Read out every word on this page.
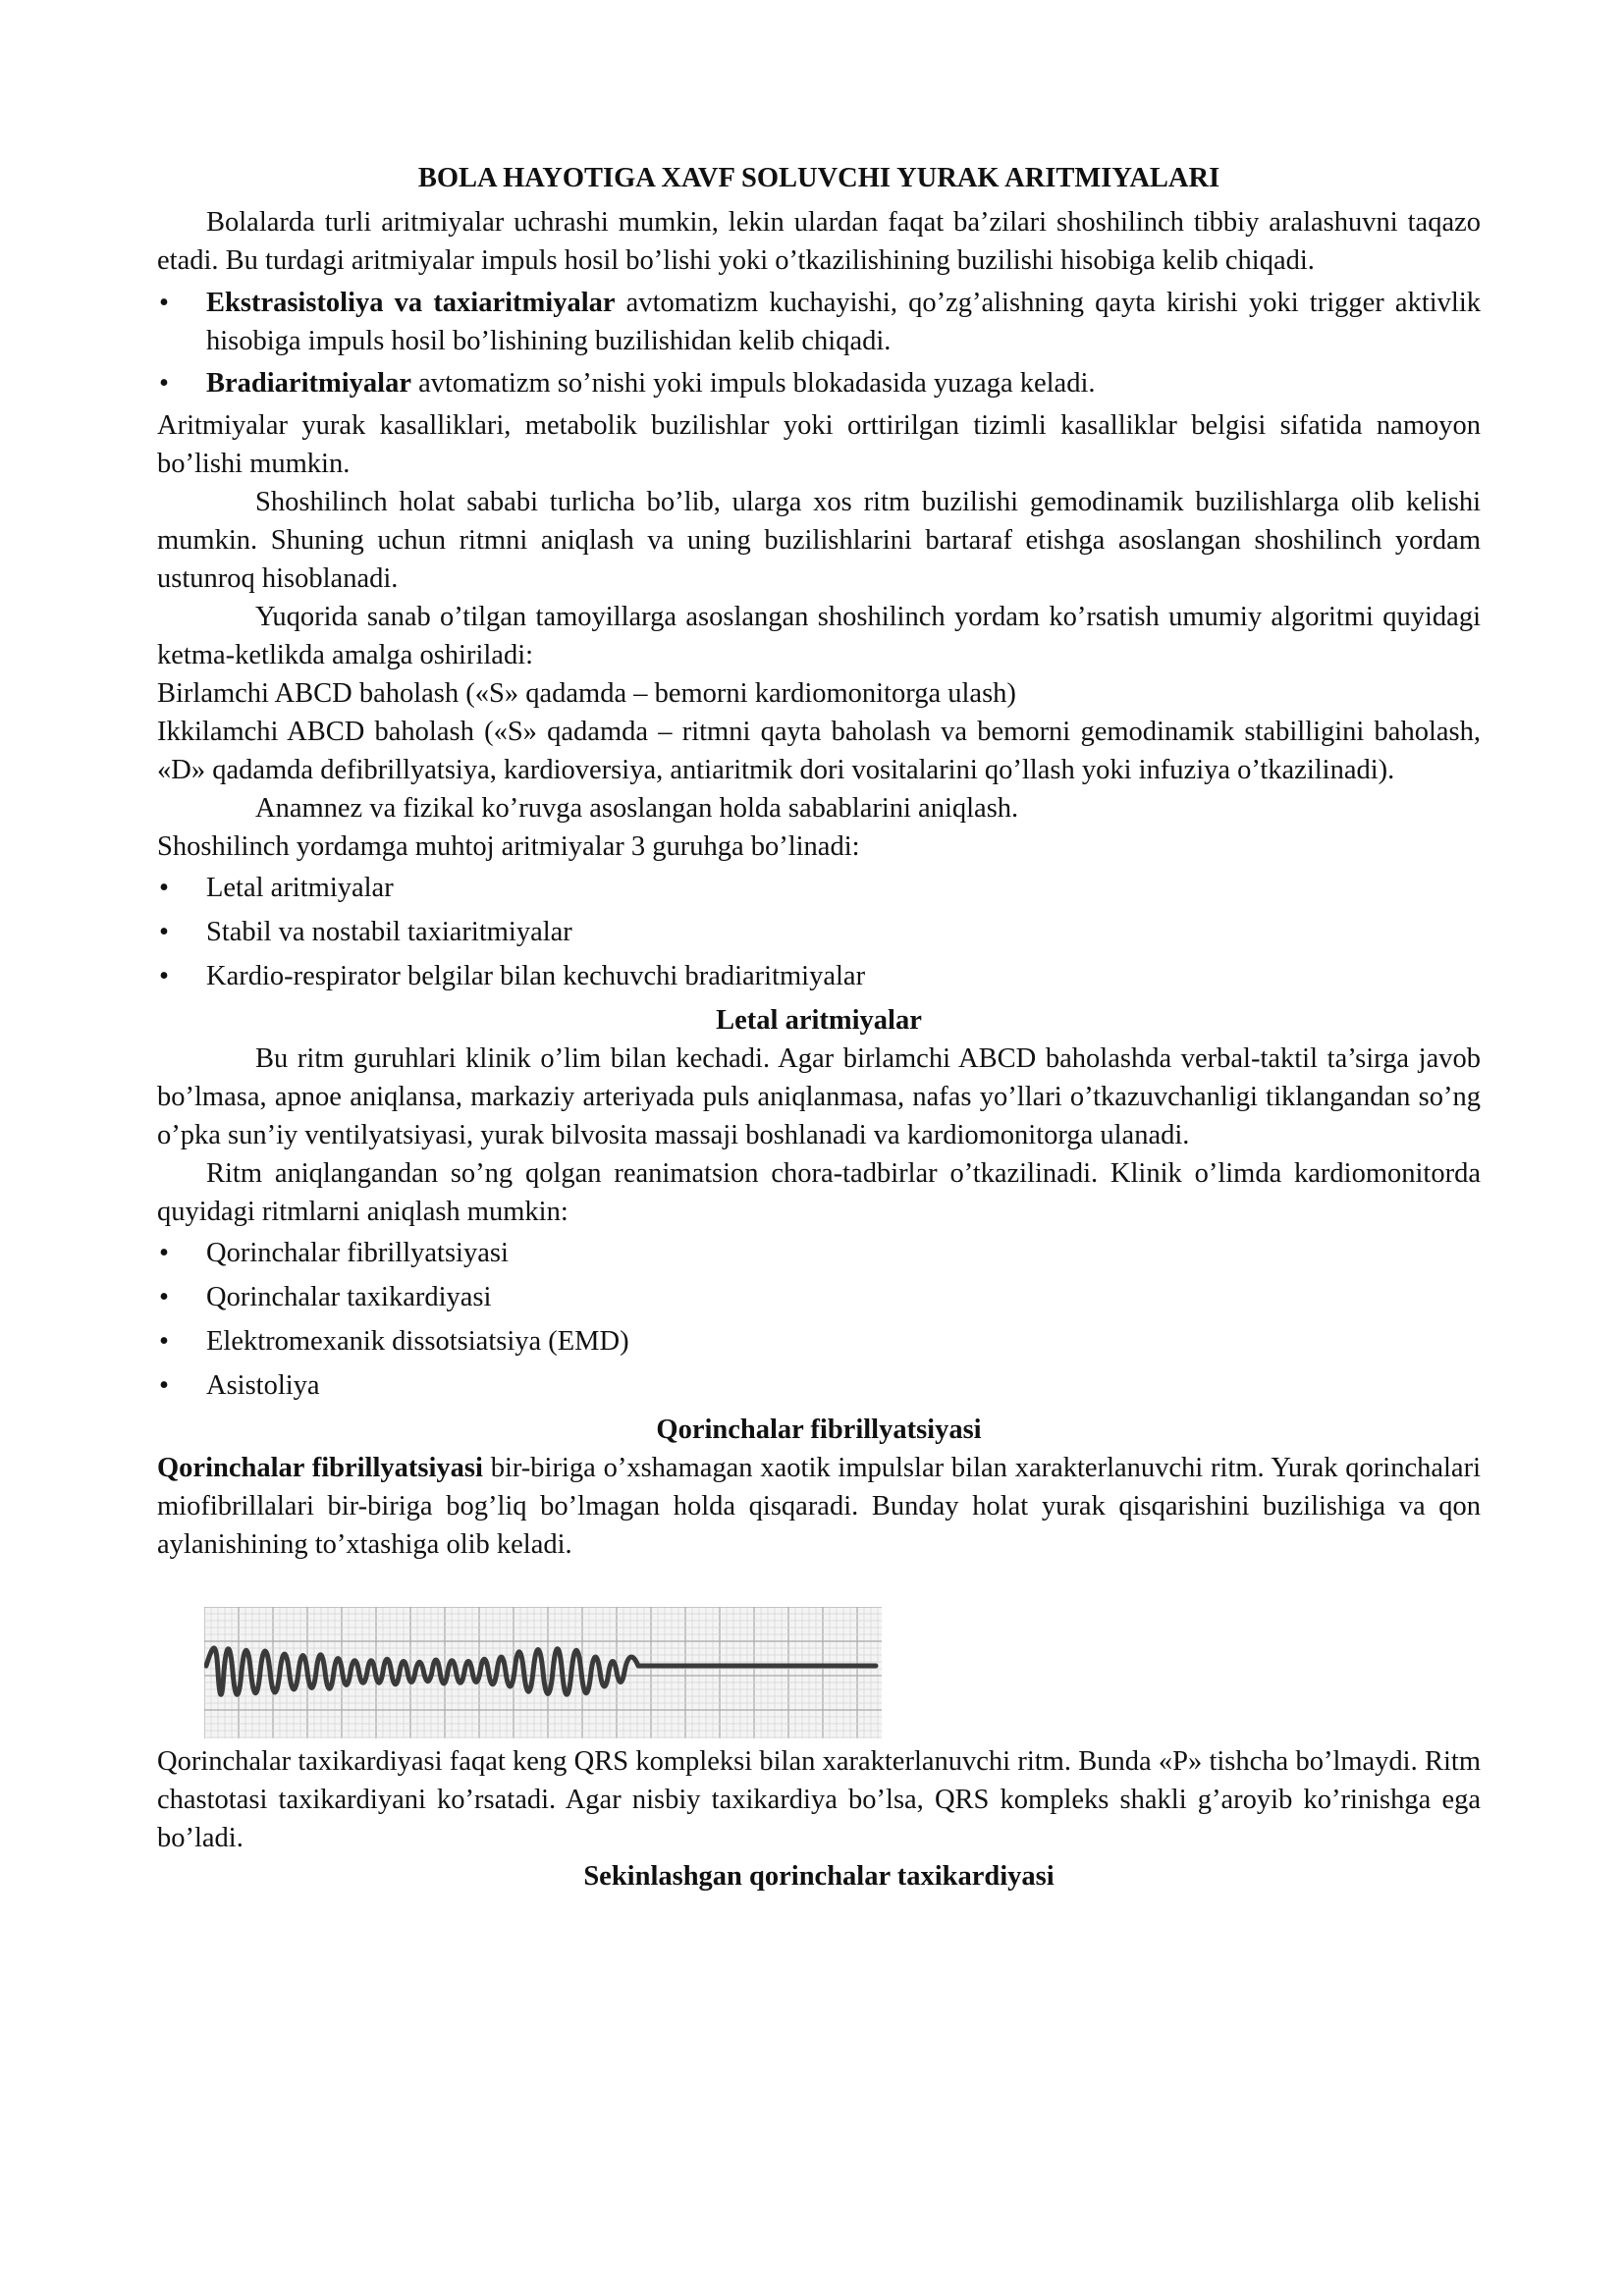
BOLA HAYOTIGA XAVF SOLUVCHI YURAK ARITMIYALARI

Bolalarda turli aritmiyalar uchrashi mumkin, lekin ulardan faqat ba’zilari shoshilinch tibbiy aralashuvni taqazo etadi. Bu turdagi aritmiyalar impuls hosil bo’lishi yoki o’tkazilishining buzilishi hisobiga kelib chiqadi.

• Ekstrasistoliya va taxiaritmiyalar avtomatizm kuchayishi, qo’zg’alishning qayta kirishi yoki trigger aktivlik hisobiga impuls hosil bo’lishining buzilishidan kelib chiqadi.
• Bradiaritmiyalar avtomatizm so’nishi yoki impuls blokadasida yuzaga keladi.

Aritmiyalar yurak kasalliklari, metabolik buzilishlar yoki orttirilgan tizimli kasalliklar belgisi sifatida namoyon bo’lishi mumkin.

Shoshilinch holat sababi turlicha bo’lib, ularga xos ritm buzilishi gemodinamik buzilishlarga olib kelishi mumkin. Shuning uchun ritmni aniqlash va uning buzilishlarini bartaraf etishga asoslangan shoshilinch yordam ustunroq hisoblanadi.

Yuqorida sanab o’tilgan tamoyillarga asoslangan shoshilinch yordam ko’rsatish umumiy algoritmi quyidagi ketma-ketlikda amalga oshiriladi:

Birlamchi ABCD baholash («S» qadamda – bemorni kardiomonitorga ulash)

Ikkilamchi ABCD baholash («S» qadamda – ritmni qayta baholash va bemorni gemodinamik stabilligini baholash, «D» qadamda defibrillyatsiya, kardioversiya, antiaritmik dori vositalarini qo’llash yoki infuziya o’tkazilinadi).

Anamnez va fizikal ko’ruvga asoslangan holda sabablarini aniqlash.

Shoshilinch yordamga muhtoj aritmiyalar 3 guruhga bo’linadi:

• Letal aritmiyalar
• Stabil va nostabil taxiaritmiyalar
• Kardio-respirator belgilar bilan kechuvchi bradiaritmiyalar
Letal aritmiyalar

Bu ritm guruhlari klinik o’lim bilan kechadi. Agar birlamchi ABCD baholashda verbal-taktil ta’sirga javob bo’lmasa, apnoe aniqlansa, markaziy arteriyada puls aniqlanmasa, nafas yo’llari o’tkazuvchanligi tiklangandan so’ng o’pka sun’iy ventilyatsiyasi, yurak bilvosita massaji boshlanadi va kardiomonitorga ulanadi.

Ritm aniqlangandan so’ng qolgan reanimatsion chora-tadbirlar o’tkazilinadi. Klinik o’limda kardiomonitorda quyidagi ritmlarni aniqlash mumkin:

• Qorinchalar fibrillyatsiyasi
• Qorinchalar taxikardiyasi
• Elektromexanik dissotsiatsiya (EMD)
• Asistoliya
Qorinchalar fibrillyatsiyasi

Qorinchalar fibrillyatsiyasi bir-biriga o’xshamagan xaotik impulslar bilan xarakterlanuvchi ritm. Yurak qorinchalari miofibrillalari bir-biriga bog’liq bo’lmagan holda qisqaradi. Bunday holat yurak qisqarishini buzilishiga va qon aylanishining to’xtashiga olib keladi.

Qorinchalar taxikardiyasi faqat keng QRS kompleksi bilan xarakterlanuvchi ritm. Bunda «P» tishcha bo’lmaydi. Ritm chastotasi taxikardiyani ko’rsatadi. Agar nisbiy taxikardiya bo’lsa, QRS kompleks shakli g’aroyib ko’rinishga ega bo’ladi.

Sekinlashgan qorinchalar taxikardiyasi
